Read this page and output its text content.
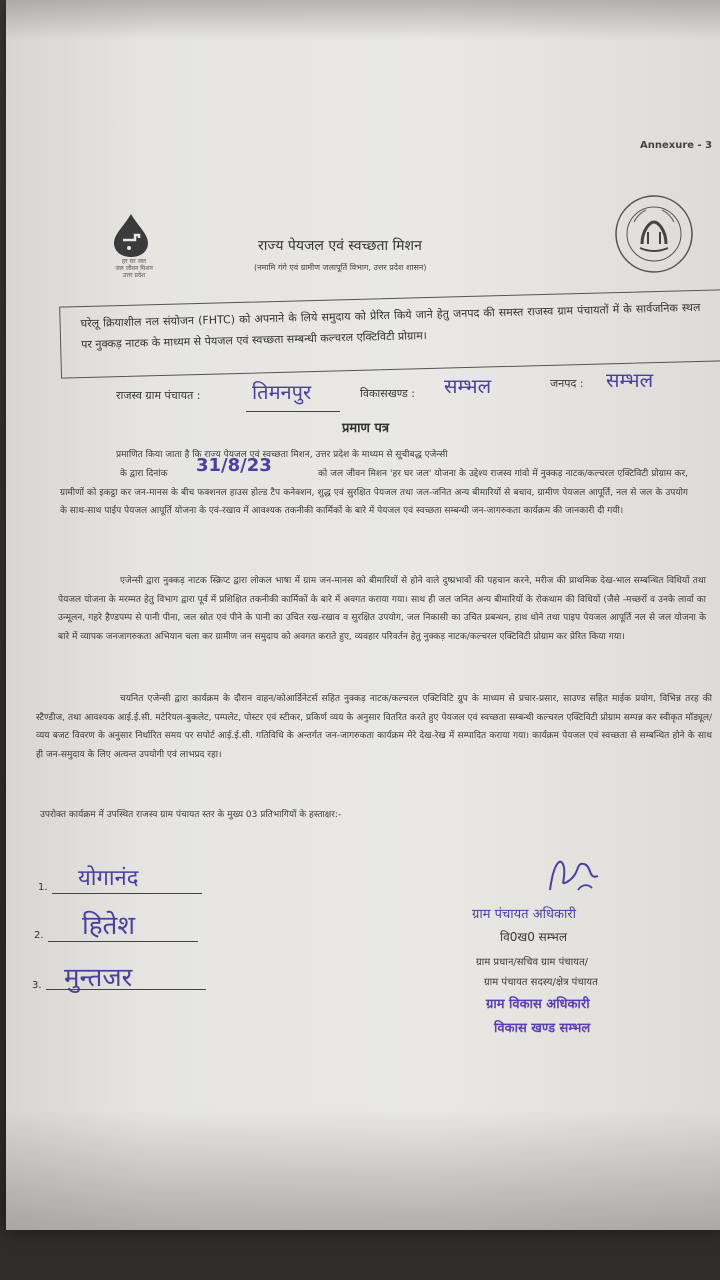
Annexure - 3
हर घर जल
जल जीवन मिशन
उत्तर प्रदेश
राज्य पेयजल एवं स्वच्छता मिशन
(नमामि गंगे एवं ग्रामीण जलापूर्ति विभाग, उत्तर प्रदेश शासन)
घरेलू क्रियाशील नल संयोजन (FHTC) को अपनाने के लिये समुदाय को प्रेरित किये जाने हेतु जनपद की समस्त राजस्व ग्राम पंचायतों में के सार्वजनिक स्थल पर नुक्कड़ नाटक के माध्यम से पेयजल एवं स्वच्छता सम्बन्धी कल्चरल एक्टिविटी प्रोग्राम।
राजस्व ग्राम पंचायत :	तिमनपुर	विकासखण्ड : सम्भल	जनपद : सम्भल
प्रमाण पत्र
प्रमाणित किया जाता है कि राज्य पेयजल एवं स्वच्छता मिशन, उत्तर प्रदेश के माध्यम से सूचीबद्ध एजेन्सी
के द्वारा दिनांक 31/8/23	को जल जीवन मिशन 'हर घर जल' योजना के उद्देश्य राजस्व गांवो में नुक्कड़ नाटक/कल्चरल एक्टिविटी प्रोग्राम कर, ग्रामीणों को इकट्ठा कर जन-मानस के बीच फक्शनल हाउस होल्ड टैप कनेक्शन, शुद्ध एवं सुरक्षित पेयजल तथा जल-जनित अन्य बीमारियों से बचाव, ग्रामीण पेयजल आपूर्ति, नल से जल के उपयोग के साथ-साथ पाईप पेयजल आपूर्ति योजना के एवं-रखाव में आवश्यक तकनीकी कार्मिकों के बारे में पेयजल एवं स्वच्छता सम्बन्धी जन-जागरुकता कार्यक्रम की जानकारी दी गयी।
एजेन्सी द्वारा नुक्कड़ नाटक स्क्रिप्ट द्वारा लोकल भाषा में ग्राम जन-मानस को बीमारियों से होने वाले दुष्प्रभावों की पहचान करने, मरीज की प्राथमिक देख-भाल सम्बन्धित विधियों तथा पेयजल योजना के मरम्मत हेतु विभाग द्वारा पूर्व में प्रशिक्षित तकनीकी कार्मिकों के बारे में अवगत कराया गया। साथ ही जल जनित अन्य बीमारियों के रोकथाम की विधियों (जैसे -मच्छरों व उनके लार्वा का उन्मूलन, गहरे हैण्डपम्प से पानी पीना, जल स्रोत एवं पीने के पानी का उचित रख-रखाव व सुरक्षित उपयोग, जल निकासी का उचित प्रबन्धन, हाथ धोने तथा पाइप पेयजल आपूर्ति नल से जल योजना के बारे में व्यापक जनजागरुकता अभियान चला कर ग्रामीण जन समुदाय को अवगत कराते हुए, व्यवहार परिवर्तन हेतु नुक्कड़ नाटक/कल्चरल एक्टिविटी प्रोग्राम कर प्रेरित किया गया।
चयनित एजेन्सी द्वारा कार्यक्रम के दौरान वाहन/कोआर्डिनेटर्स सहित नुक्कड़ नाटक/कल्चरल एक्टिविटि ग्रुप के माध्यम से प्रचार-प्रसार, साउण्ड सहित माईक प्रयोग, विभिन्न तरह की स्टैण्डीज, तथा आवश्यक आई.ई.सी. मटेरियल-बुकलेट, पम्पलेट, पोस्टर एवं स्टीकर, प्रकिर्ण व्यय के अनुसार वितरित करते हुए पेयजल एवं स्वच्छता सम्बन्धी कल्चरल एक्टिविटी प्रोग्राम सम्पन्न कर स्वीकृत मॉड्यूल/व्यय बजट विवरण के अनुसार निर्धारित समय पर सपोर्ट आई.ई.सी. गतिविधि के अन्तर्गत जन-जागरुकता कार्यक्रम मेरे देख-रेख में सम्पादित कराया गया। कार्यक्रम पेयजल एवं स्वच्छता से सम्बन्धित होने के साथ ही जन-समुदाय के लिए अत्यन्त उपयोगी एवं लाभप्रद रहा।
उपरोक्त कार्यक्रम में उपस्थित राजस्व ग्राम पंचायत स्तर के मुख्य 03 प्रतिभागियों के हस्ताक्षर:-
1. योगानंद
2. हितेश
3. मुन्तजर
ग्राम पंचायत अधिकारी
वि0ख0 सम्भल
ग्राम प्रधान/सचिव ग्राम पंचायत/
ग्राम पंचायत सदस्य/क्षेत्र पंचायत
ग्राम विकास अधिकारी
विकास खण्ड सम्भल
